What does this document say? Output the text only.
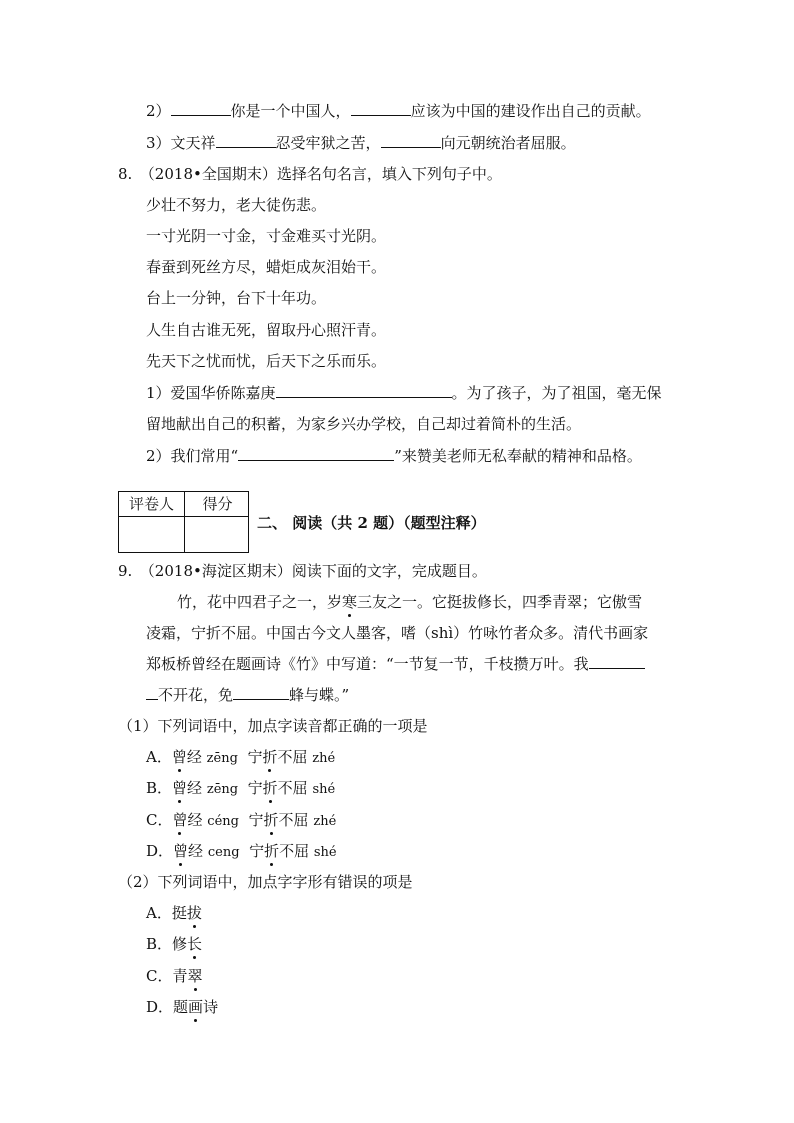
2）	你是一个中国人，	应该为中国的建设作出自己的贡献。
3）文天祥	忍受牢狱之苦，	向元朝统治者屈服。
8.　（2018•全国期末）选择名句名言，填入下列句子中。
少壮不努力，老大徒伤悲。
一寸光阴一寸金，寸金难买寸光阴。
春蚕到死丝方尽，蜡炬成灰泪始干。
台上一分钟，台下十年功。
人生自古谁无死，留取丹心照汗青。
先天下之忧而忧，后天下之乐而乐。
1）爱国华侨陈嘉庚	。为了孩子，为了祖国，毫无保
留地献出自己的积蓄，为家乡兴办学校，自己却过着简朴的生活。
2）我们常用“	”来赞美老师无私奉献的精神和品格。
评卷人	得分
二、 阅读（共 2 题）（题型注释）
9.　（2018•海淀区期末）阅读下面的文字，完成题目。
竹，花中四君子之一，岁寒三友之一。它挺拔修长，四季青翠；它傲雪
凌霜，宁折不屈。中国古今文人墨客，嗜（shì）竹咏竹者众多。清代书画家
郑板桥曾经在题画诗《竹》中写道：“一节复一节，千枝攒万叶。我
不开花，免	蜂与蝶。”
（1）下列词语中，加点字读音都正确的一项是
A．曾经 zēng 宁折不屈 zhé
B．曾经 zēng 宁折不屈 shé
C．曾经 céng 宁折不屈 zhé
D．曾经 ceng 宁折不屈 shé
（2）下列词语中，加点字字形有错误的项是
A．挺拔
B．修长
C．青翠
D．题画诗
